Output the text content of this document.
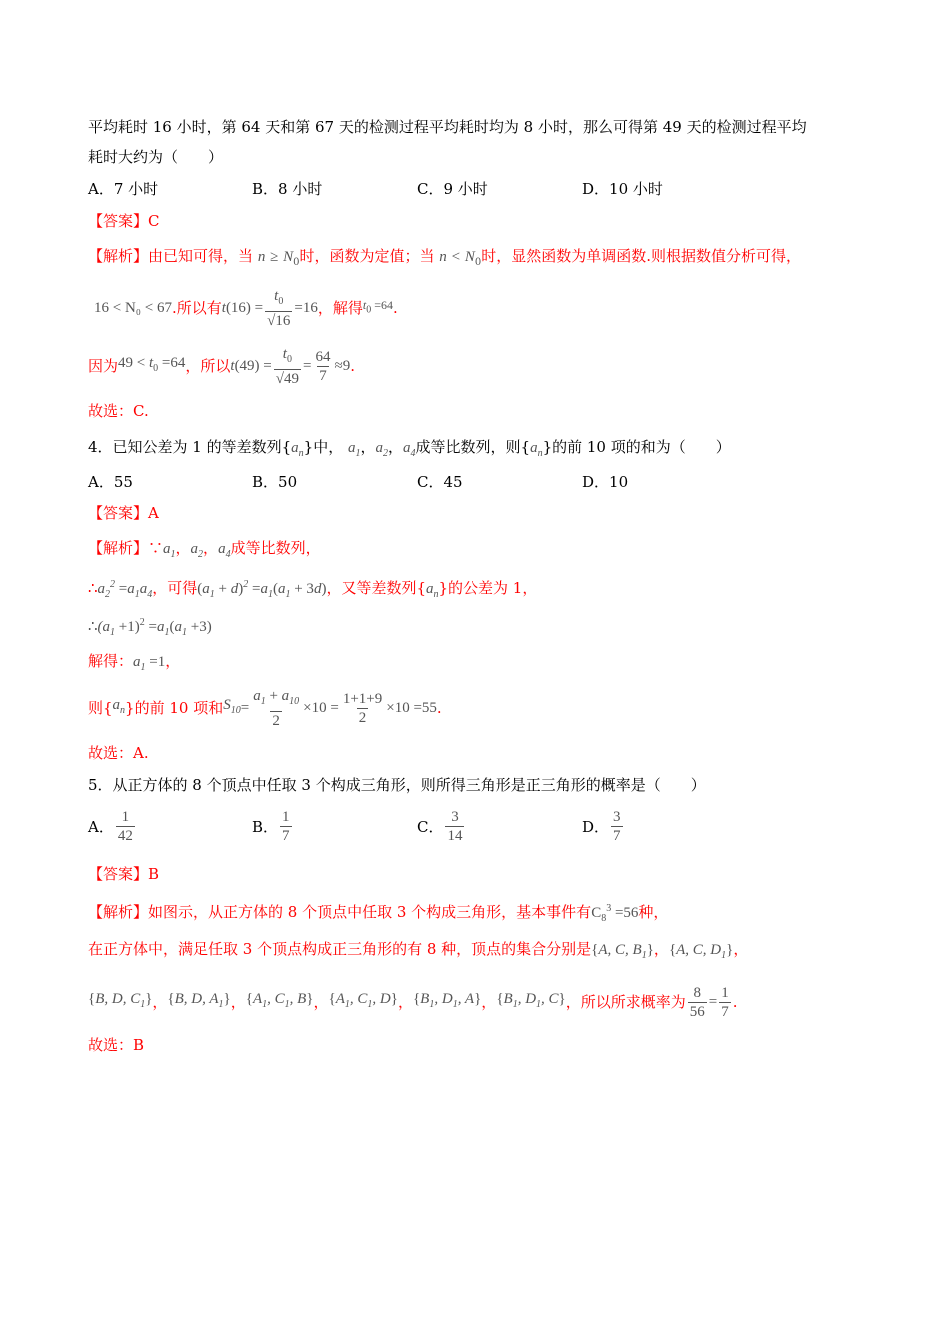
平均耗时 16 小时，第 64 天和第 67 天的检测过程平均耗时均为 8 小时，那么可得第 49 天的检测过程平均
耗时大约为（　　）
A．7 小时	B．8 小时	C．9 小时	D．10 小时
【答案】C
【解析】由已知可得，当 $n \ge N_0$时，函数为定值；当 $n < N_0$时，显然函数为单调函数.则根据数值分析可得，
16 < N₀ < 67 .所以有 $t(16) = \frac{t_0}{√16} =16$ ，解得 $t_0 =64$ .
因为 $49 < t_0 =64$ ，所以 $t(49) = \frac{t_0}{√49} = \frac{64}{7} \approx 9$ .
故选：C.
4．已知公差为 1 的等差数列$\{a_n\}$中， $a_1$，$a_2$，$a_4$成等比数列，则$\{a_n\}$的前 10 项的和为（　　）
A．55	B．50	C．45	D．10
【答案】A
【解析】$\because a_1$，$a_2$，$a_4$成等比数列，
$\therefore a_2^2 =a_1a_4$，可得$(a_1 + d)^2 =a_1(a_1 + 3d)$，又等差数列$\{a_n\}$的公差为 1，
$\therefore(a_1 +1)^2 =a_1(a_1 +3)$
解得：$a_1 =1$，
则{ $a_n$ }的前 10 项和 $S_{10} = \frac{a_1 + a_{10}}{2} \times 10 = \frac{1+1+9}{2} \times 10 =55$ .
故选：A.
5．从正方体的 8 个顶点中任取 3 个构成三角形，则所得三角形是正三角形的概率是（　　）
A． $\frac{1}{42}$	B． $\frac{1}{7}$	C． $\frac{3}{14}$	D． $\frac{3}{7}$
【答案】B
【解析】如图示，从正方体的 8 个顶点中任取 3 个构成三角形，基本事件有$C_8^3 =56$种，
在正方体中，满足任取 3 个顶点构成正三角形的有 8 种，顶点的集合分别是{A, C, $B_1$}，{A, C, $D_1$}，
{B, D, $C_1$} ， {B, D, $A_1$} ， {$A_1$, $C_1$, B} ， {$A_1$, $C_1$, D} ， {$B_1$, $D_1$, A} ， {$B_1$, $D_1$, C} ，所以所求概率为 $\frac{8}{56} = \frac{1}{7}$ .
故选：B
